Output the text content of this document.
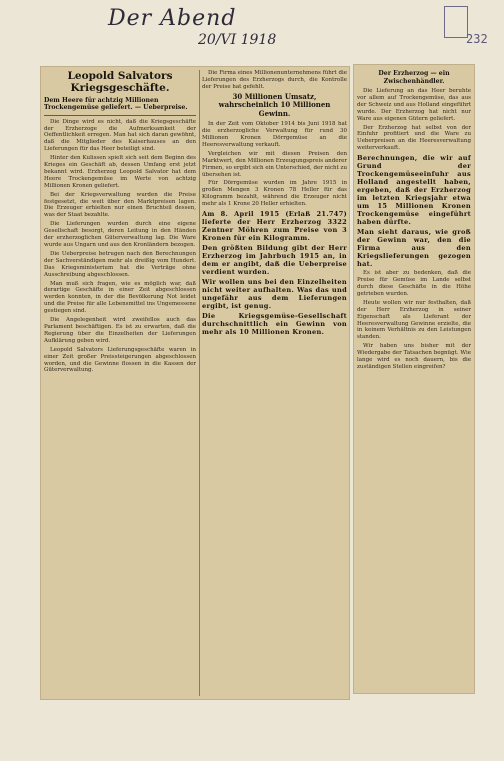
Der Abend
20/VI 1918	232
Leopold Salvators Kriegsgeschäfte.
Dem Heere für achtzig Millionen Trockengemüse geliefert. — Ueberpreise.

Die Dinge wird es nicht, daß die Kriegsgeschäfte der Erzherzoge die Aufmerksamkeit der Oeffentlichkeit erregen. Man hat sich daran gewöhnt, daß die Mitglieder des Kaiserhauses an den Lieferungen für das Heer beteiligt sind.

Hinter den Kulissen spielt sich seit dem Beginn des Krieges ein Geschäft ab, dessen Umfang erst jetzt bekannt wird. Erzherzog Leopold Salvator hat dem Heere Trockengemüse im Werte von achtzig Millionen Kronen geliefert.

Bei der Kriegsverwaltung wurden die Preise festgesetzt, die weit über den Marktpreisen lagen. Die Erzeuger erhielten nur einen Bruchteil dessen, was der Staat bezahlte.

Die Lieferungen wurden durch eine eigene Gesellschaft besorgt, deren Leitung in den Händen der erzherzoglichen Güterverwaltung lag. Die Ware wurde aus Ungarn und aus den Kronländern bezogen.

Die Ueberpreise betrugen nach den Berechnungen der Sachverständigen mehr als dreißig vom Hundert. Das Kriegsministerium hat die Verträge ohne Ausschreibung abgeschlossen.

Man muß sich fragen, wie es möglich war, daß derartige Geschäfte in einer Zeit abgeschlossen werden konnten, in der die Bevölkerung Not leidet und die Preise für alle Lebensmittel ins Ungemessene gestiegen sind.

Die Angelegenheit wird zweifellos auch das Parlament beschäftigen. Es ist zu erwarten, daß die Regierung über die Einzelheiten der Lieferungen Aufklärung geben wird.

Leopold Salvators Lieferungsgeschäfte waren in einer Zeit großer Preissteigerungen abgeschlossen worden, und die Gewinne flossen in die Kassen der Güterverwaltung.

Die Firma eines Millionenunternehmens führt die Lieferungen des Erzherzogs durch, die Kontrolle der Preise hat gefehlt.

30 Millionen Umsatz, wahrscheinlich 10 Millionen Gewinn.

In der Zeit vom Oktober 1914 bis Juni 1918 hat die erzherzogliche Verwaltung für rund 30 Millionen Kronen Dörrgemüse an die Heeresverwaltung verkauft.

Vergleichen wir mit diesen Preisen den Marktwert, den Millionen Erzeugungspreis anderer Firmen, so ergibt sich ein Unterschied, der nicht zu übersehen ist.

Für Dörrgemüse wurden im Jahre 1915 in großen Mengen 3 Kronen 78 Heller für das Kilogramm bezahlt, während die Erzeuger nicht mehr als 1 Krone 20 Heller erhielten.

Am 8. April 1915 (Erlaß 21.747) lieferte der Herr Erzherzog 3322 Zentner Möhren zum Preise von 3 Kronen für ein Kilogramm.
Den größten Bildung gibt der Herr Erzherzog im Jahrbuch 1915 an, in dem er angibt, daß die Ueberpreise verdient wurden.
Wir wollen uns bei den Einzelheiten nicht weiter aufhalten. Was das und ungefähr aus dem Lieferungen ergibt, ist genug.
Die Kriegsgemüse-Gesellschaft durchschnittlich ein Gewinn von mehr als 10 Millionen Kronen.
Der Erzherzog — ein Zwischenhändler.

Die Lieferung an das Heer beruhte vor allem auf Trockengemüse, das aus der Schweiz und aus Holland eingeführt wurde. Der Erzherzog hat nicht nur Ware aus eigenen Gütern geliefert.

Der Erzherzog hat selbst von der Einfuhr profitiert und die Ware zu Ueberpreisen an die Heeresverwaltung weiterverkauft.

Berechnungen, die wir auf Grund der Trockengemüseeinfuhr aus Holland angestellt haben, ergeben, daß der Erzherzog im letzten Kriegsjahr etwa um 15 Millionen Kronen Trockengemüse eingeführt haben dürfte.
Man sieht daraus, wie groß der Gewinn war, den die Firma aus den Kriegslieferungen gezogen hat.

Es ist aber zu bedenken, daß die Preise für Gemüse im Lande selbst durch diese Geschäfte in die Höhe getrieben wurden.

Heute wollen wir nur festhalten, daß der Herr Erzherzog in seiner Eigenschaft als Lieferant der Heeresverwaltung Gewinne erzielte, die in keinem Verhältnis zu den Leistungen standen.

Wir haben uns bisher mit der Wiedergabe der Tatsachen begnügt. Wie lange wird es noch dauern, bis die zuständigen Stellen eingreifen?
